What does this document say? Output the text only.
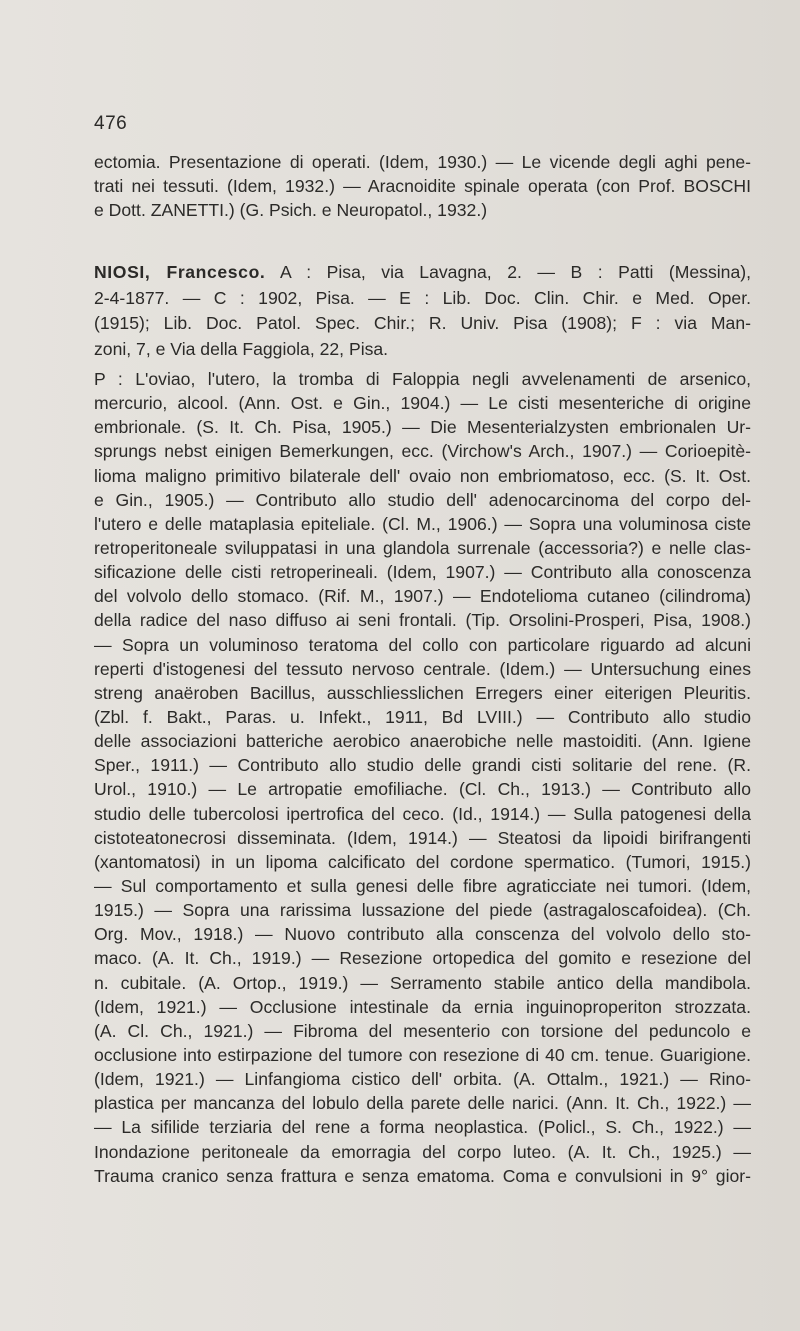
476
ectomia. Presentazione di operati. (Idem, 1930.) — Le vicende degli aghi pene-
trati nei tessuti. (Idem, 1932.) — Aracnoidite spinale operata (con Prof. BOSCHI
e Dott. ZANETTI.) (G. Psich. e Neuropatol., 1932.)
NIOSI, Francesco. A : Pisa, via Lavagna, 2. — B : Patti (Messina),
2-4-1877. — C : 1902, Pisa. — E : Lib. Doc. Clin. Chir. e Med. Oper.
(1915); Lib. Doc. Patol. Spec. Chir.; R. Univ. Pisa (1908); F : via Man-
zoni, 7, e Via della Faggiola, 22, Pisa.
P : L'oviao, l'utero, la tromba di Faloppia negli avvelenamenti de arsenico,
mercurio, alcool. (Ann. Ost. e Gin., 1904.) — Le cisti mesenteriche di origine
embrionale. (S. It. Ch. Pisa, 1905.) — Die Mesenterialzysten embrionalen Ur-
sprungs nebst einigen Bemerkungen, ecc. (Virchow's Arch., 1907.) — Corioepitè-
lioma maligno primitivo bilaterale dell' ovaio non embriomatoso, ecc. (S. It. Ost.
e Gin., 1905.) — Contributo allo studio dell' adenocarcinoma del corpo del-
l'utero e delle mataplasia epiteliale. (Cl. M., 1906.) — Sopra una voluminosa ciste
retroperitoneale sviluppatasi in una glandola surrenale (accessoria?) e nelle clas-
sificazione delle cisti retroperineali. (Idem, 1907.) — Contributo alla conoscenza
del volvolo dello stomaco. (Rif. M., 1907.) — Endotelioma cutaneo (cilindroma)
della radice del naso diffuso ai seni frontali. (Tip. Orsolini-Prosperi, Pisa, 1908.)
— Sopra un voluminoso teratoma del collo con particolare riguardo ad alcuni
reperti d'istogenesi del tessuto nervoso centrale. (Idem.) — Untersuchung eines
streng anaëroben Bacillus, ausschliesslichen Erregers einer eiterigen Pleuritis.
(Zbl. f. Bakt., Paras. u. Infekt., 1911, Bd LVIII.) — Contributo allo studio
delle associazioni batteriche aerobico anaerobiche nelle mastoiditi. (Ann. Igiene
Sper., 1911.) — Contributo allo studio delle grandi cisti solitarie del rene. (R.
Urol., 1910.) — Le artropatie emofiliache. (Cl. Ch., 1913.) — Contributo allo
studio delle tubercolosi ipertrofica del ceco. (Id., 1914.) — Sulla patogenesi della
cistoteatonecrosi disseminata. (Idem, 1914.) — Steatosi da lipoidi birifrangenti
(xantomatosi) in un lipoma calcificato del cordone spermatico. (Tumori, 1915.)
— Sul comportamento et sulla genesi delle fibre agraticciate nei tumori. (Idem,
1915.) — Sopra una rarissima lussazione del piede (astragaloscafoidea). (Ch.
Org. Mov., 1918.) — Nuovo contributo alla conscenza del volvolo dello sto-
maco. (A. It. Ch., 1919.) — Resezione ortopedica del gomito e resezione del
n. cubitale. (A. Ortop., 1919.) — Serramento stabile antico della mandibola.
(Idem, 1921.) — Occlusione intestinale da ernia inguinoproperiton strozzata.
(A. Cl. Ch., 1921.) — Fibroma del mesenterio con torsione del peduncolo e
occlusione into estirpazione del tumore con resezione di 40 cm. tenue. Guarigione.
(Idem, 1921.) — Linfangioma cistico dell' orbita. (A. Ottalm., 1921.) — Rino-
plastica per mancanza del lobulo della parete delle narici. (Ann. It. Ch., 1922.) —
— La sifilide terziaria del rene a forma neoplastica. (Policl., S. Ch., 1922.) —
Inondazione peritoneale da emorragia del corpo luteo. (A. It. Ch., 1925.) —
Trauma cranico senza frattura e senza ematoma. Coma e convulsioni in 9° gior-
